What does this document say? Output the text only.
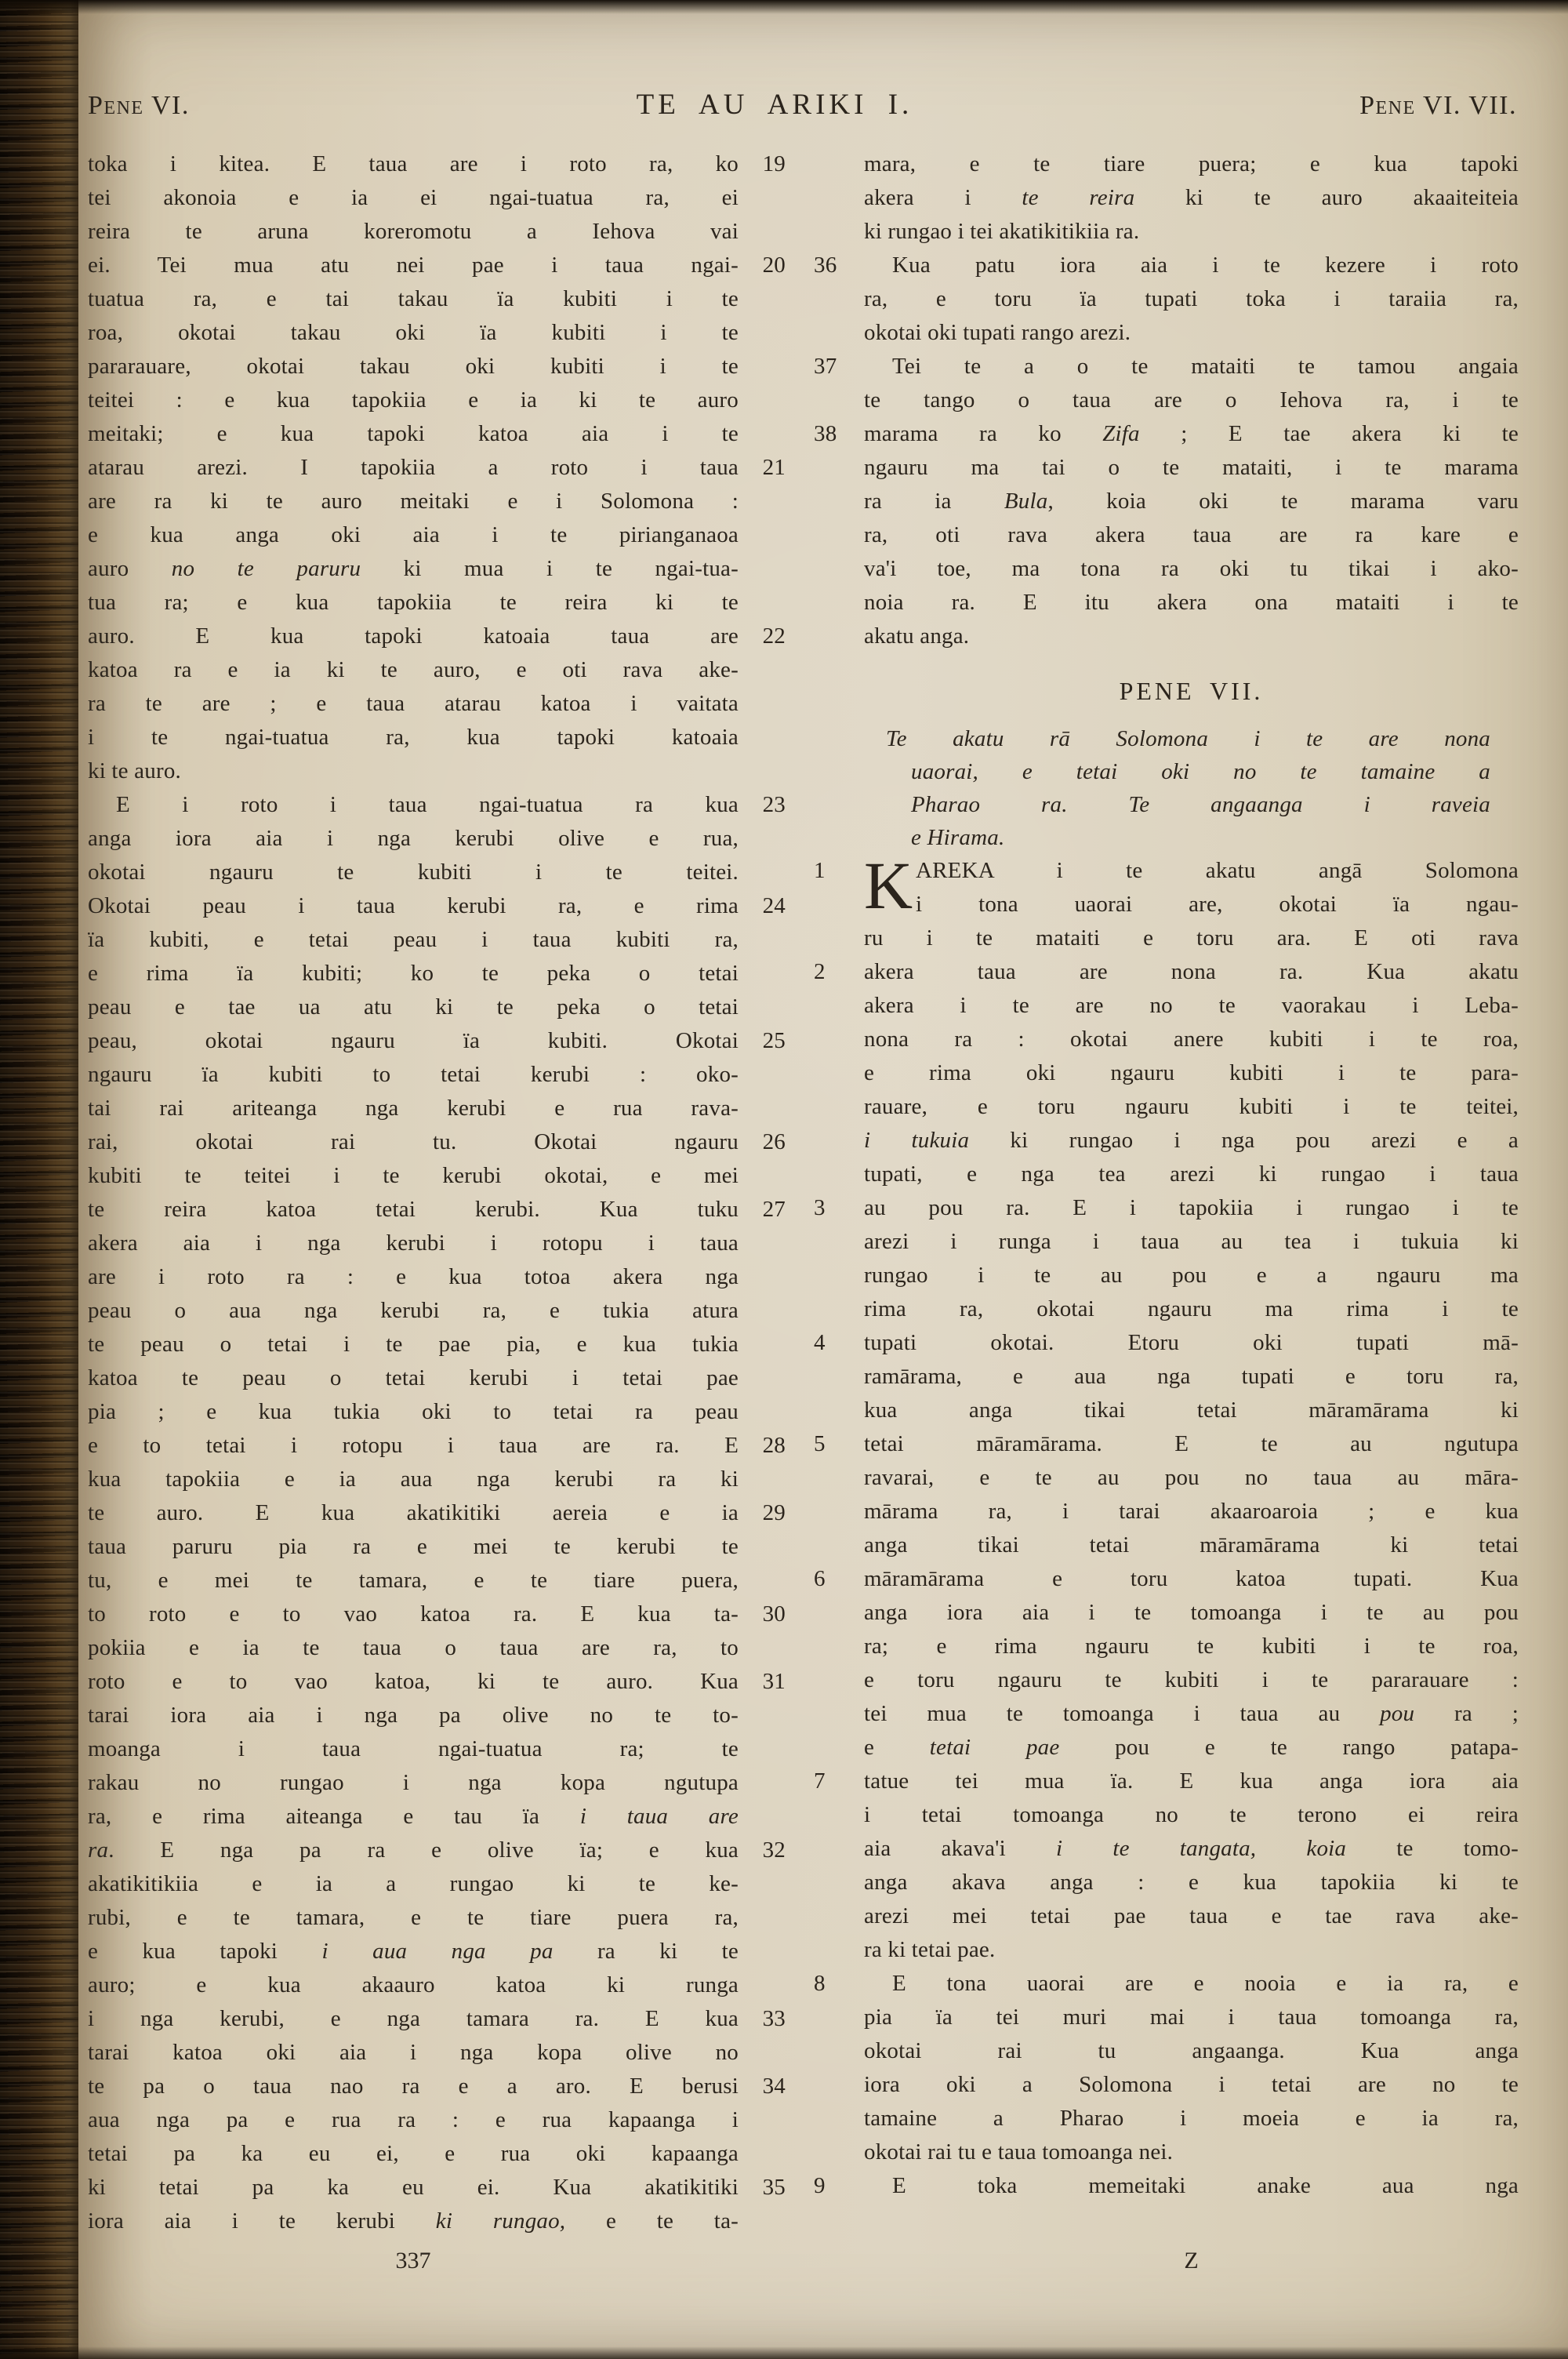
Pene VI.	TE AU ARIKI I.	Pene VI. VII.
19
toka i kitea. E taua are i roto ra, ko
tei akonoia e ia ei ngai-tuatua ra, ei
reira te aruna koreromotu a Iehova vai
20
ei. Tei mua atu nei pae i taua ngai-
tuatua ra, e tai takau ïa kubiti i te
roa, okotai takau oki ïa kubiti i te
pararauare, okotai takau oki kubiti i te
teitei : e kua tapokiia e ia ki te auro
meitaki; e kua tapoki katoa aia i te
21
atarau arezi. I tapokiia a roto i taua
are ra ki te auro meitaki e i Solomona :
e kua anga oki aia i te pirianganaoa
auro no te paruru ki mua i te ngai-tua-
tua ra; e kua tapokiia te reira ki te
22
auro. E kua tapoki katoaia taua are
katoa ra e ia ki te auro, e oti rava ake-
ra te are ; e taua atarau katoa i vaitata
i te ngai-tuatua ra, kua tapoki katoaia
ki te auro.
23
E i roto i taua ngai-tuatua ra kua
anga iora aia i nga kerubi olive e rua,
okotai ngauru te kubiti i te teitei.
24
Okotai peau i taua kerubi ra, e rima
ïa kubiti, e tetai peau i taua kubiti ra,
e rima ïa kubiti; ko te peka o tetai
peau e tae ua atu ki te peka o tetai
25
peau, okotai ngauru ïa kubiti. Okotai
ngauru ïa kubiti to tetai kerubi : oko-
tai rai ariteanga nga kerubi e rua rava-
26
rai, okotai rai tu. Okotai ngauru
kubiti te teitei i te kerubi okotai, e mei
27
te reira katoa tetai kerubi. Kua tuku
akera aia i nga kerubi i rotopu i taua
are i roto ra : e kua totoa akera nga
peau o aua nga kerubi ra, e tukia atura
te peau o tetai i te pae pia, e kua tukia
katoa te peau o tetai kerubi i tetai pae
pia ; e kua tukia oki to tetai ra peau
28
e to tetai i rotopu i taua are ra. E
kua tapokiia e ia aua nga kerubi ra ki
29
te auro. E kua akatikitiki aereia e ia
taua paruru pia ra e mei te kerubi te
tu, e mei te tamara, e te tiare puera,
30
to roto e to vao katoa ra. E kua ta-
pokiia e ia te taua o taua are ra, to
31
roto e to vao katoa, ki te auro. Kua
tarai iora aia i nga pa olive no te to-
moanga i taua ngai-tuatua ra; te
rakau no rungao i nga kopa ngutupa
ra, e rima aiteanga e tau ïa i taua are
32
ra. E nga pa ra e olive ïa; e kua
akatikitikiia e ia a rungao ki te ke-
rubi, e te tamara, e te tiare puera ra,
e kua tapoki i aua nga pa ra ki te
auro; e kua akaauro katoa ki runga
33
i nga kerubi, e nga tamara ra. E kua
tarai katoa oki aia i nga kopa olive no
34
te pa o taua nao ra e a aro. E berusi
aua nga pa e rua ra : e rua kapaanga i
tetai pa ka eu ei, e rua oki kapaanga
35
ki tetai pa ka eu ei. Kua akatikitiki
iora aia i te kerubi ki rungao, e te ta-
mara, e te tiare puera; e kua tapoki
akera i te reira ki te auro akaaiteiteia
ki rungao i tei akatikitikiia ra.
36	Kua patu iora aia i te kezere i roto
ra, e toru ïa tupati toka i taraiia ra,
okotai oki tupati rango arezi.
37	Tei te a o te mataiti te tamou angaia
te tango o taua are o Iehova ra, i te
38 marama ra ko Zifa ; E tae akera ki te
ngauru ma tai o te mataiti, i te marama
ra ia Bula, koia oki te marama varu
ra, oti rava akera taua are ra kare e
va'i toe, ma tona ra oki tu tikai i ako-
noia ra. E itu akera ona mataiti i te
akatu anga.
PENE VII.
Te akatu rā Solomona i te are nona
uaorai, e tetai oki no te tamaine a
Pharao ra. Te angaanga i raveia
e Hirama.
1 K AREKA i te akatu angā Solomona
i tona uaorai are, okotai ïa ngau-
ru i te mataiti e toru ara. E oti rava
2 akera taua are nona ra. Kua akatu
akera i te are no te vaorakau i Leba-
nona ra : okotai anere kubiti i te roa,
e rima oki ngauru kubiti i te para-
rauare, e toru ngauru kubiti i te teitei,
i tukuia ki rungao i nga pou arezi e a
tupati, e nga tea arezi ki rungao i taua
3 au pou ra. E i tapokiia i rungao i te
arezi i runga i taua au tea i tukuia ki
rungao i te au pou e a ngauru ma
rima ra, okotai ngauru ma rima i te
4 tupati okotai. Etoru oki tupati mā-
ramārama, e aua nga tupati e toru ra,
kua anga tikai tetai māramārama ki
5 tetai māramārama. E te au ngutupa
ravarai, e te au pou no taua au māra-
mārama ra, i tarai akaaroaroia ; e kua
anga tikai tetai māramārama ki tetai
6 māramārama e toru katoa tupati. Kua
anga iora aia i te tomoanga i te au pou
ra; e rima ngauru te kubiti i te roa,
e toru ngauru te kubiti i te pararauare :
tei mua te tomoanga i taua au pou ra ;
e tetai pae pou e te rango patapa-
7 tatue tei mua ïa. E kua anga iora aia
i tetai tomoanga no te terono ei reira
aia akava'i i te tangata, koia te tomo-
anga akava anga : e kua tapokiia ki te
arezi mei tetai pae taua e tae rava ake-
ra ki tetai pae.
8	E tona uaorai are e nooia e ia ra, e
pia ïa tei muri mai i taua tomoanga ra,
okotai rai tu angaanga. Kua anga
iora oki a Solomona i tetai are no te
tamaine a Pharao i moeia e ia ra,
okotai rai tu e taua tomoanga nei.
9	E toka memeitaki anake aua nga
337	Z
